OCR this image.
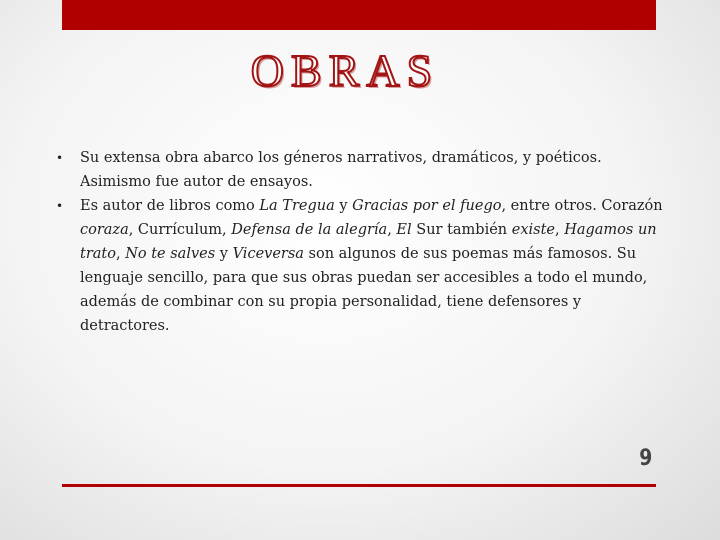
OBRAS
•	Su extensa obra abarco los géneros narrativos, dramáticos, y poéticos. Asimismo fue autor de ensayos.
•	Es autor de libros como La Tregua y Gracias por el fuego, entre otros. Corazón coraza, Currículum, Defensa de la alegría, El Sur también existe, Hagamos un trato, No te salves y Viceversa son algunos de sus poemas más famosos. Su lenguaje sencillo, para que sus obras puedan ser accesibles a todo el mundo, además de combinar con su propia personalidad, tiene defensores y detractores.
9
